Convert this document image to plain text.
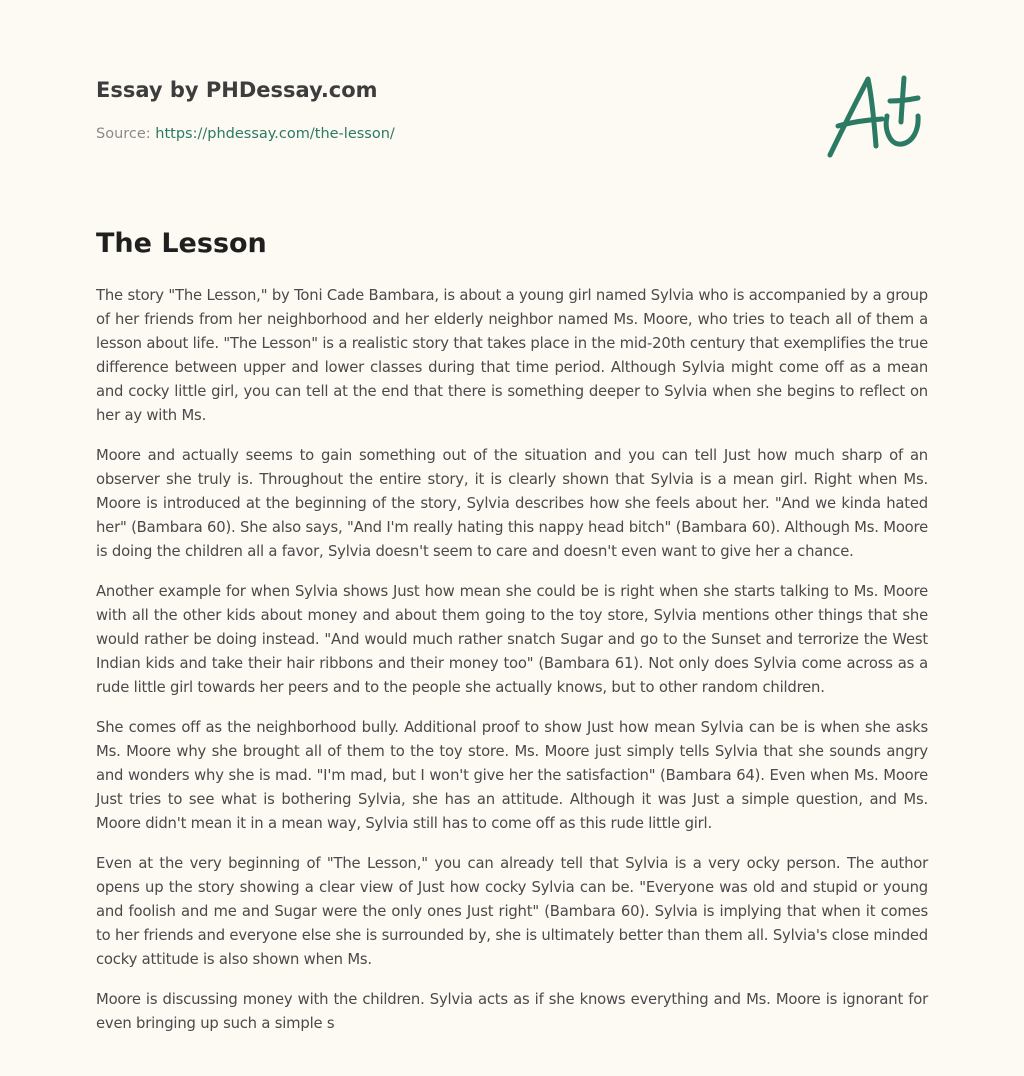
Essay by PHDessay.com
Source: https://phdessay.com/the-lesson/
The Lesson

The story "The Lesson," by Toni Cade Bambara, is about a young girl named Sylvia who is accompanied by a group of her friends from her neighborhood and her elderly neighbor named Ms. Moore, who tries to teach all of them a lesson about life. "The Lesson" is a realistic story that takes place in the mid-20th century that exemplifies the true difference between upper and lower classes during that time period. Although Sylvia might come off as a mean and cocky little girl, you can tell at the end that there is something deeper to Sylvia when she begins to reflect on her ay with Ms.

Moore and actually seems to gain something out of the situation and you can tell Just how much sharp of an observer she truly is. Throughout the entire story, it is clearly shown that Sylvia is a mean girl. Right when Ms. Moore is introduced at the beginning of the story, Sylvia describes how she feels about her. "And we kinda hated her" (Bambara 60). She also says, "And I'm really hating this nappy head bitch" (Bambara 60). Although Ms. Moore is doing the children all a favor, Sylvia doesn't seem to care and doesn't even want to give her a chance.

Another example for when Sylvia shows Just how mean she could be is right when she starts talking to Ms. Moore with all the other kids about money and about them going to the toy store, Sylvia mentions other things that she would rather be doing instead. "And would much rather snatch Sugar and go to the Sunset and terrorize the West Indian kids and take their hair ribbons and their money too" (Bambara 61). Not only does Sylvia come across as a rude little girl towards her peers and to the people she actually knows, but to other random children.

She comes off as the neighborhood bully. Additional proof to show Just how mean Sylvia can be is when she asks Ms. Moore why she brought all of them to the toy store. Ms. Moore just simply tells Sylvia that she sounds angry and wonders why she is mad. "I'm mad, but I won't give her the satisfaction" (Bambara 64). Even when Ms. Moore Just tries to see what is bothering Sylvia, she has an attitude. Although it was Just a simple question, and Ms. Moore didn't mean it in a mean way, Sylvia still has to come off as this rude little girl.

Even at the very beginning of "The Lesson," you can already tell that Sylvia is a very ocky person. The author opens up the story showing a clear view of Just how cocky Sylvia can be. "Everyone was old and stupid or young and foolish and me and Sugar were the only ones Just right" (Bambara 60). Sylvia is implying that when it comes to her friends and everyone else she is surrounded by, she is ultimately better than them all. Sylvia's close minded cocky attitude is also shown when Ms.

Moore is discussing money with the children. Sylvia acts as if she knows everything and Ms. Moore is ignorant for even bringing up such a simple s
